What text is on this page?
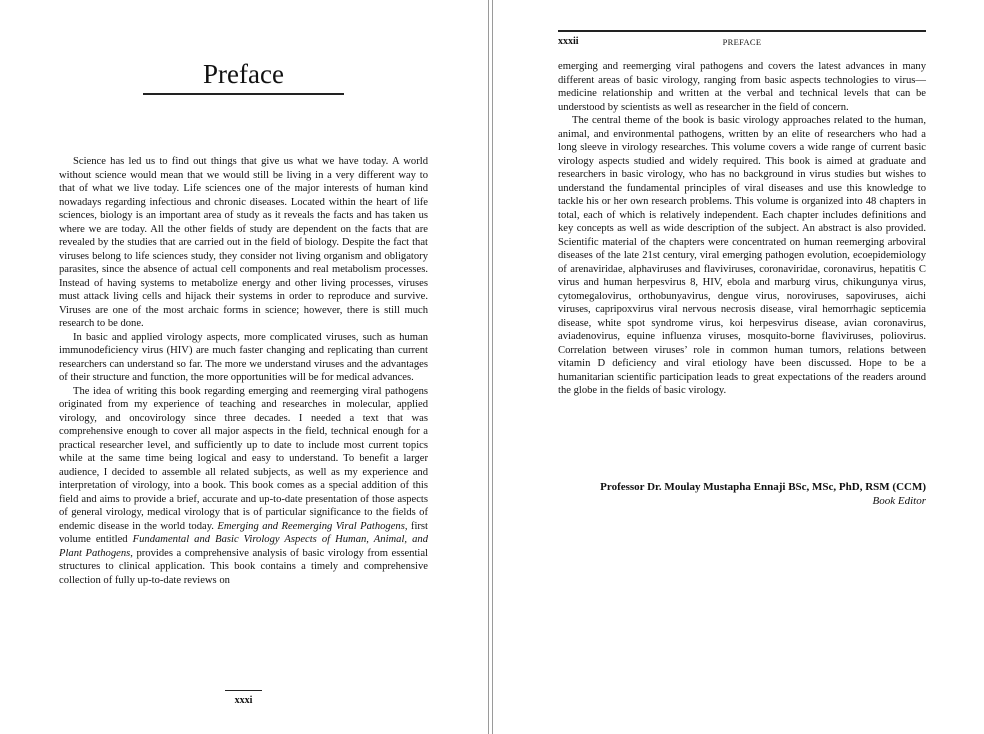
Preface

Science has led us to find out things that give us what we have today. A world without science would mean that we would still be living in a very different way to that of what we live today. Life sciences one of the major interests of human kind nowadays regarding infectious and chronic diseases. Located within the heart of life sciences, biology is an important area of study as it reveals the facts and has taken us where we are today. All the other fields of study are dependent on the facts that are revealed by the studies that are carried out in the field of biology. Despite the fact that viruses belong to life sciences study, they consider not living organism and obligatory parasites, since the absence of actual cell components and real metabolism processes. Instead of having systems to metabolize energy and other living processes, viruses must attack living cells and hijack their systems in order to reproduce and survive. Viruses are one of the most archaic forms in science; however, there is still much research to be done.

In basic and applied virology aspects, more complicated viruses, such as human immunodeficiency virus (HIV) are much faster changing and replicating than current researchers can understand so far. The more we understand viruses and the advantages of their structure and function, the more opportunities will be for medical advances.

The idea of writing this book regarding emerging and reemerging viral pathogens originated from my experience of teaching and researches in molecular, applied virology, and oncovirology since three decades. I needed a text that was comprehensive enough to cover all major aspects in the field, technical enough for a practical researcher level, and sufficiently up to date to include most current topics while at the same time being logical and easy to understand. To benefit a larger audience, I decided to assemble all related subjects, as well as my experience and interpretation of virology, into a book. This book comes as a special addition of this field and aims to provide a brief, accurate and up-to-date presentation of those aspects of general virology, medical virology that is of particular significance to the fields of endemic disease in the world today. Emerging and Reemerging Viral Pathogens, first volume entitled Fundamental and Basic Virology Aspects of Human, Animal, and Plant Pathogens, provides a comprehensive analysis of basic virology from essential structures to clinical application. This book contains a timely and comprehensive collection of fully up-to-date reviews on

xxxi
xxxii	PREFACE

emerging and reemerging viral pathogens and covers the latest advances in many different areas of basic virology, ranging from basic aspects technologies to virus—medicine relationship and written at the verbal and technical levels that can be understood by scientists as well as researcher in the field of concern.

The central theme of the book is basic virology approaches related to the human, animal, and environmental pathogens, written by an elite of researchers who had a long sleeve in virology researches. This volume covers a wide range of current basic virology aspects studied and widely required. This book is aimed at graduate and researchers in basic virology, who has no background in virus studies but wishes to understand the fundamental principles of viral diseases and use this knowledge to tackle his or her own research problems. This volume is organized into 48 chapters in total, each of which is relatively independent. Each chapter includes definitions and key concepts as well as wide description of the subject. An abstract is also provided. Scientific material of the chapters were concentrated on human reemerging arboviral diseases of the late 21st century, viral emerging pathogen evolution, ecoepidemiology of arenaviridae, alphaviruses and flaviviruses, coronaviridae, coronavirus, hepatitis C virus and human herpesvirus 8, HIV, ebola and marburg virus, chikungunya virus, cytomegalovirus, orthobunyavirus, dengue virus, noroviruses, sapoviruses, aichi viruses, capripoxvirus viral nervous necrosis disease, viral hemorrhagic septicemia disease, white spot syndrome virus, koi herpesvirus disease, avian coronavirus, aviadenovirus, equine influenza viruses, mosquito-borne flaviviruses, poliovirus. Correlation between viruses’ role in common human tumors, relations between vitamin D deficiency and viral etiology have been discussed. Hope to be a humanitarian scientific participation leads to great expectations of the readers around the globe in the fields of basic virology.

Professor Dr. Moulay Mustapha Ennaji BSc, MSc, PhD, RSM (CCM)
Book Editor
